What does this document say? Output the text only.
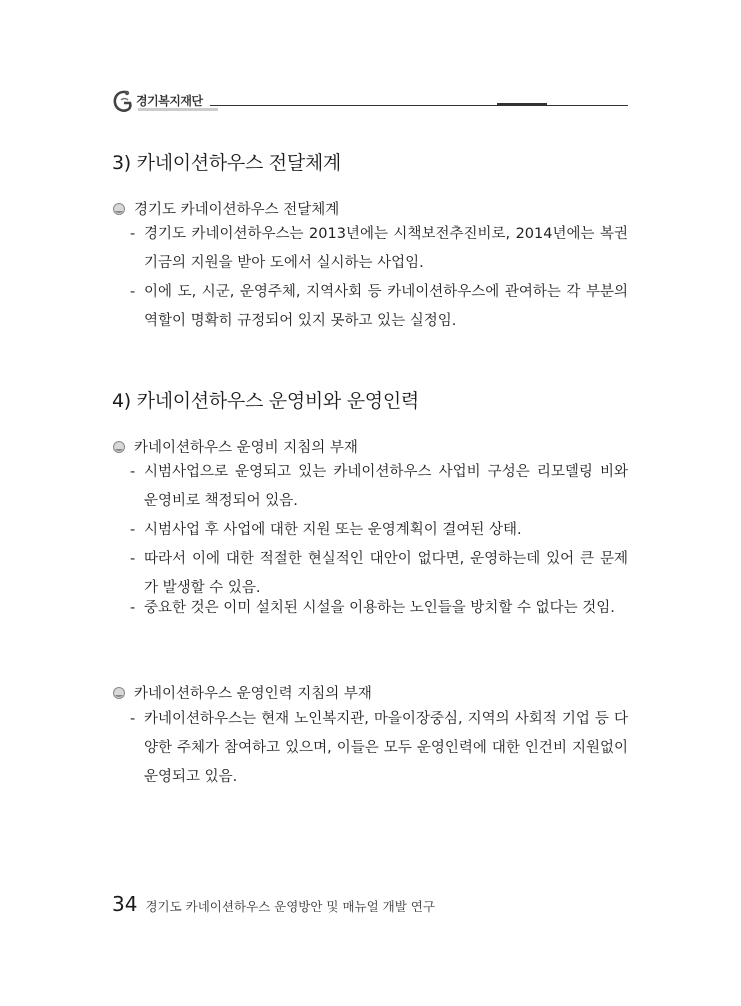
경기복지재단
3) 카네이션하우스 전달체계
경기도 카네이션하우스 전달체계
- 경기도 카네이션하우스는 2013년에는 시책보전추진비로, 2014년에는 복권기금의 지원을 받아 도에서 실시하는 사업임.
- 이에 도, 시군, 운영주체, 지역사회 등 카네이션하우스에 관여하는 각 부분의 역할이 명확히 규정되어 있지 못하고 있는 실정임.
4) 카네이션하우스 운영비와 운영인력
카네이션하우스 운영비 지침의 부재
- 시범사업으로 운영되고 있는 카네이션하우스 사업비 구성은 리모델링 비와 운영비로 책정되어 있음.
- 시범사업 후 사업에 대한 지원 또는 운영계획이 결여된 상태.
- 따라서 이에 대한 적절한 현실적인 대안이 없다면, 운영하는데 있어 큰 문제가 발생할 수 있음.
- 중요한 것은 이미 설치된 시설을 이용하는 노인들을 방치할 수 없다는 것임.
카네이션하우스 운영인력 지침의 부재
- 카네이션하우스는 현재 노인복지관, 마을이장중심, 지역의 사회적 기업 등 다양한 주체가 참여하고 있으며, 이들은 모두 운영인력에 대한 인건비 지원없이 운영되고 있음.
34 경기도 카네이션하우스 운영방안 및 매뉴얼 개발 연구
